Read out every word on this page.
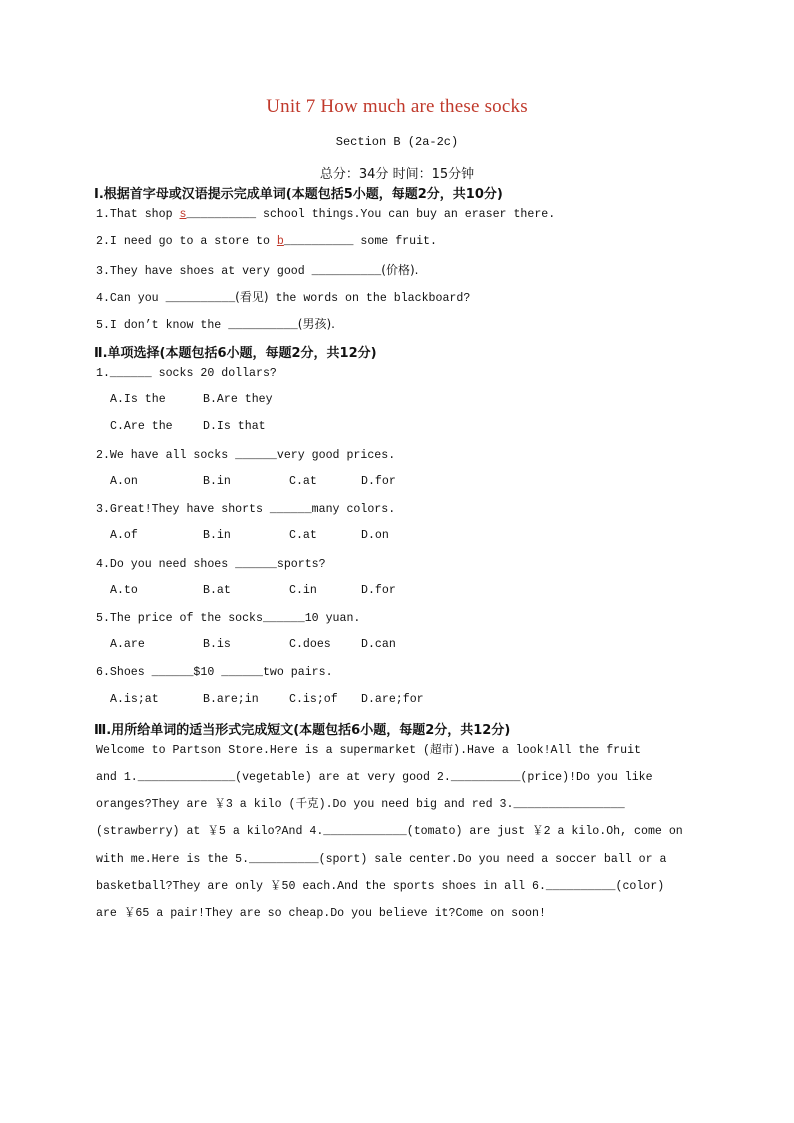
Unit 7 How much are these socks
Section B (2a-2c)
总分：34分 时间：15分钟
Ⅰ.根据首字母或汉语提示完成单词(本题包括5小题，每题2分，共10分)
1.That shop s__________ school things.You can buy an eraser there.
2.I need go to a store to b__________ some fruit.
3.They have shoes at very good __________(价格).
4.Can you __________(看见) the words on the blackboard?
5.I don’t know the __________(男孩).
Ⅱ.单项选择(本题包括6小题，每题2分，共12分)
1.______ socks 20 dollars?
A.Is the	B.Are they
C.Are the	D.Is that
2.We have all socks ______very good prices.
A.on	B.in	C.at	D.for
3.Great!They have shorts ______many colors.
A.of	B.in	C.at	D.on
4.Do you need shoes ______sports?
A.to	B.at	C.in	D.for
5.The price of the socks______10 yuan.
A.are	B.is	C.does	D.can
6.Shoes ______$10 ______two pairs.
A.is;at	B.are;in	C.is;of D.are;for
Ⅲ.用所给单词的适当形式完成短文(本题包括6小题，每题2分，共12分)
Welcome to Partson Store.Here is a supermarket (超市).Have a look!All the fruit
and 1.______________(vegetable) are at very good 2.__________(price)!Do you like
oranges?They are ￥3 a kilo (千克).Do you need big and red 3.________________
(strawberry) at ￥5 a kilo?And 4.____________(tomato) are just ￥2 a kilo.Oh, come on
with me.Here is the 5.__________(sport) sale center.Do you need a soccer ball or a
basketball?They are only ￥50 each.And the sports shoes in all 6.__________(color)
are ￥65 a pair!They are so cheap.Do you believe it?Come on soon!
